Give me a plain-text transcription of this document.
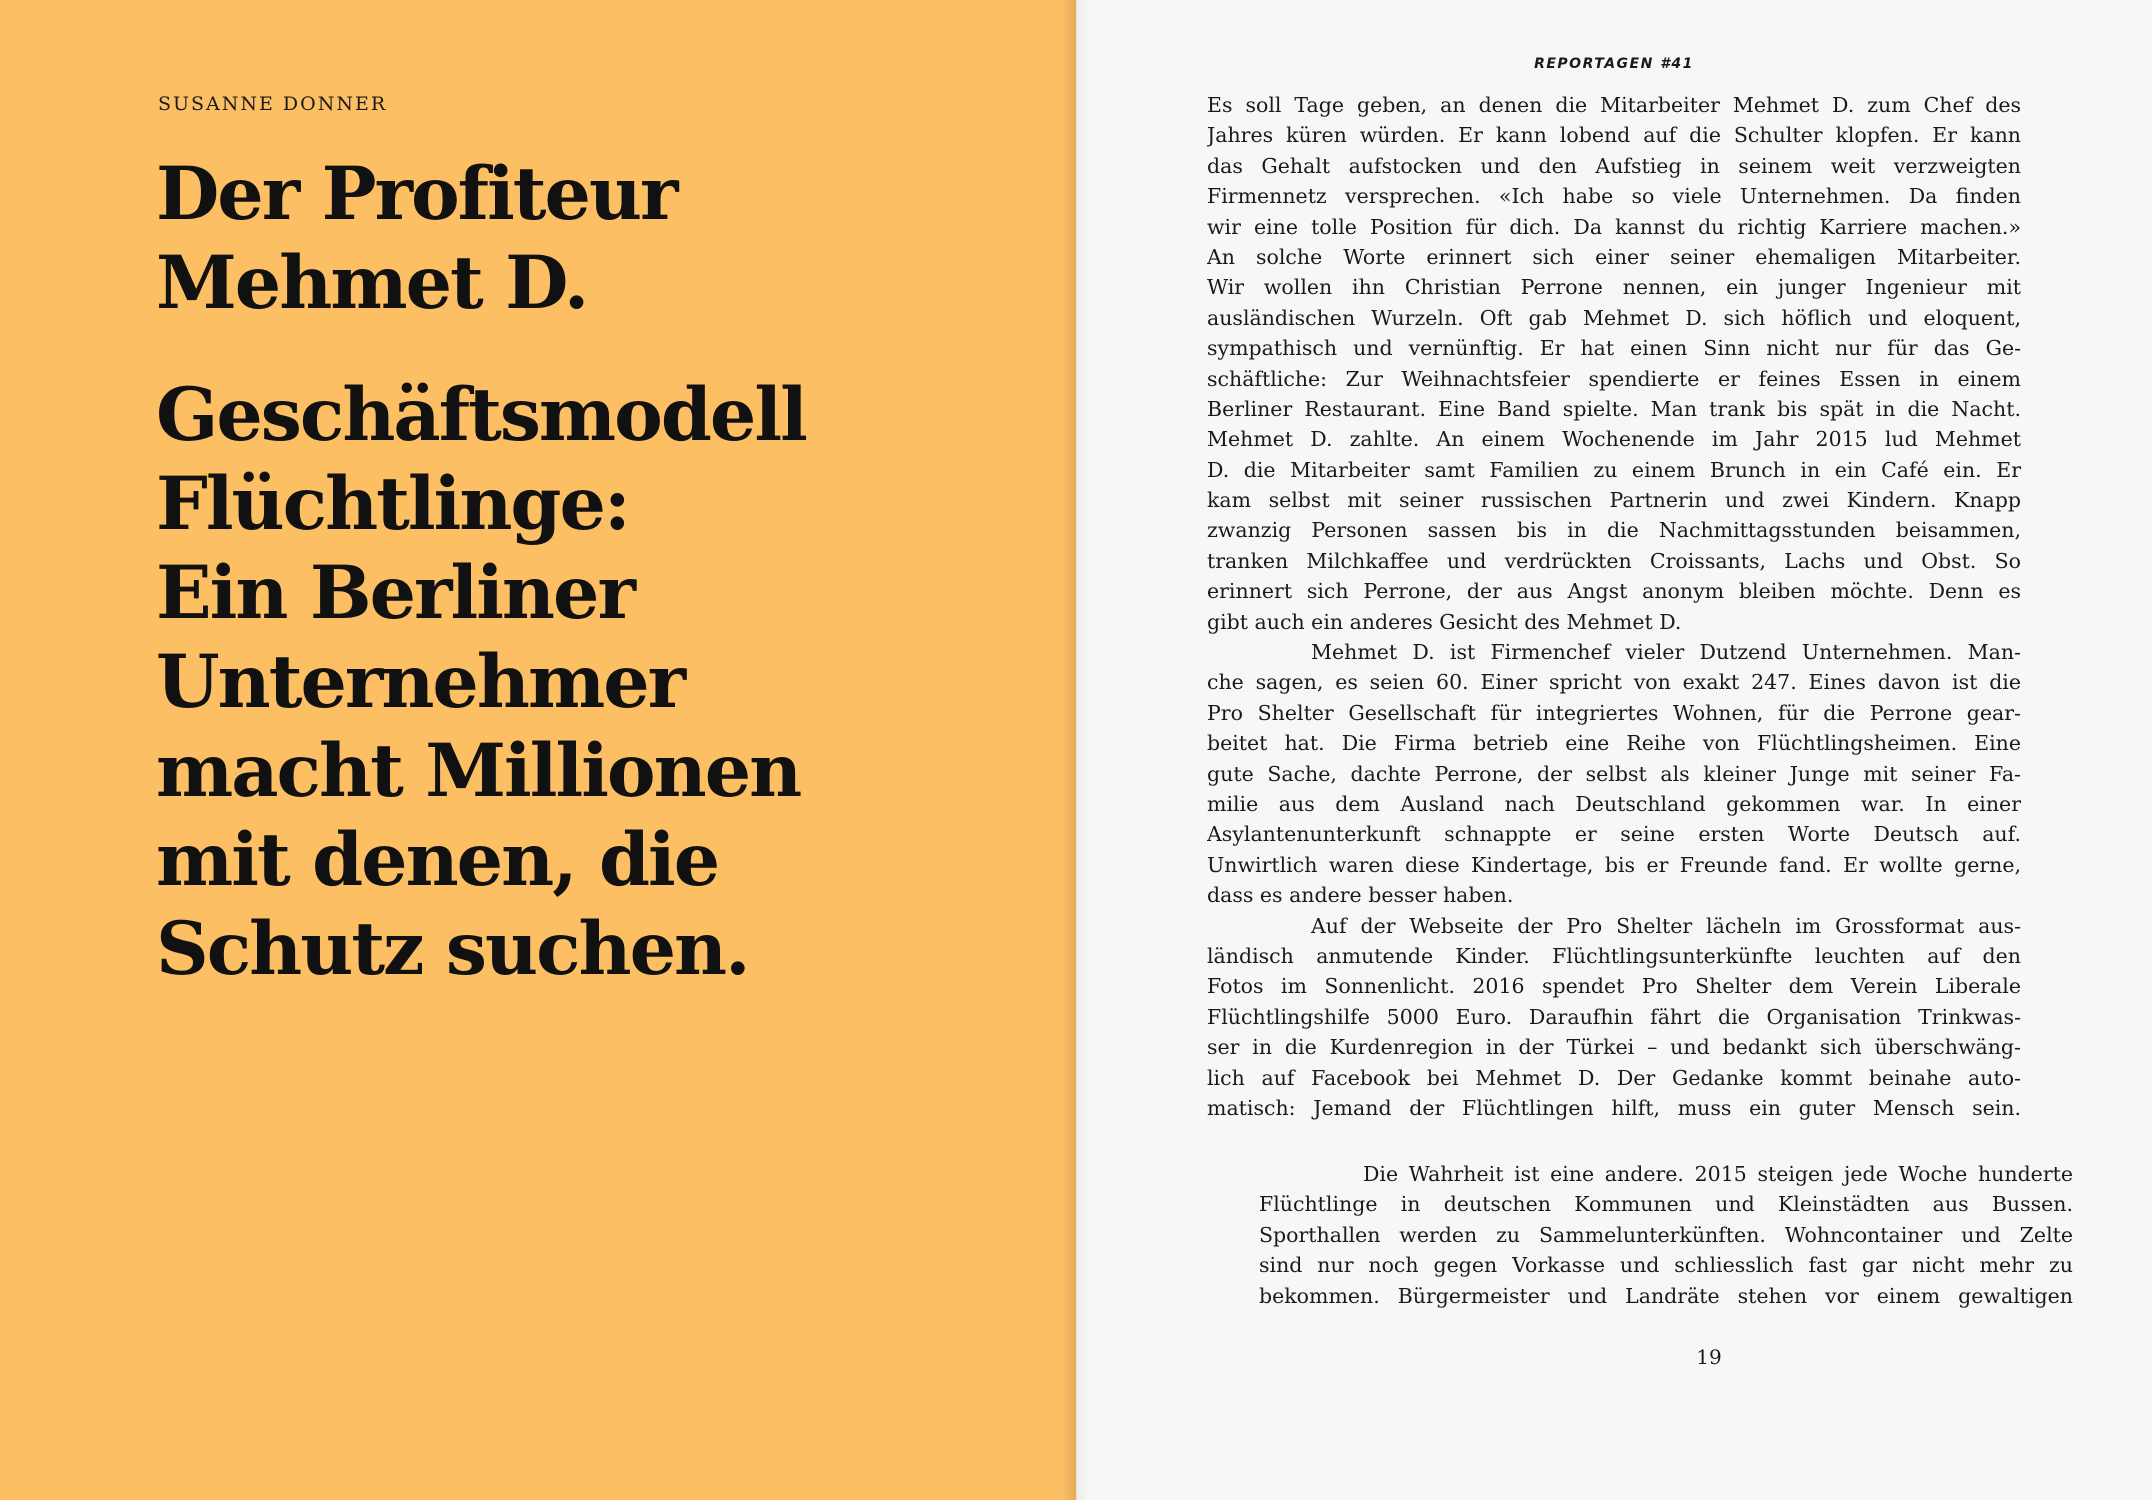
SUSANNE DONNER

Der Profiteur
Mehmet D.
Geschäftsmodell
Flüchtlinge:
Ein Berliner
Unternehmer
macht Millionen
mit denen, die
Schutz suchen.
REPORTAGEN #41
Es soll Tage geben, an denen die Mitarbeiter Mehmet D. zum Chef des
Jahres küren würden. Er kann lobend auf die Schulter klopfen. Er kann
das Gehalt aufstocken und den Aufstieg in seinem weit verzweigten
Firmennetz versprechen. «Ich habe so viele Unternehmen. Da finden
wir eine tolle Position für dich. Da kannst du richtig Karriere machen.»
An solche Worte erinnert sich einer seiner ehemaligen Mitarbeiter.
Wir wollen ihn Christian Perrone nennen, ein junger Ingenieur mit
ausländischen Wurzeln. Oft gab Mehmet D. sich höflich und eloquent,
sympathisch und vernünftig. Er hat einen Sinn nicht nur für das Ge-
schäftliche: Zur Weihnachtsfeier spendierte er feines Essen in einem
Berliner Restaurant. Eine Band spielte. Man trank bis spät in die Nacht.
Mehmet D. zahlte. An einem Wochenende im Jahr 2015 lud Mehmet
D. die Mitarbeiter samt Familien zu einem Brunch in ein Café ein. Er
kam selbst mit seiner russischen Partnerin und zwei Kindern. Knapp
zwanzig Personen sassen bis in die Nachmittagsstunden beisammen,
tranken Milchkaffee und verdrückten Croissants, Lachs und Obst. So
erinnert sich Perrone, der aus Angst anonym bleiben möchte. Denn es
gibt auch ein anderes Gesicht des Mehmet D.
Mehmet D. ist Firmenchef vieler Dutzend Unternehmen. Man-
che sagen, es seien 60. Einer spricht von exakt 247. Eines davon ist die
Pro Shelter Gesellschaft für integriertes Wohnen, für die Perrone gear-
beitet hat. Die Firma betrieb eine Reihe von Flüchtlingsheimen. Eine
gute Sache, dachte Perrone, der selbst als kleiner Junge mit seiner Fa-
milie aus dem Ausland nach Deutschland gekommen war. In einer
Asylantenunterkunft schnappte er seine ersten Worte Deutsch auf.
Unwirtlich waren diese Kindertage, bis er Freunde fand. Er wollte gerne,
dass es andere besser haben.
Auf der Webseite der Pro Shelter lächeln im Grossformat aus-
ländisch anmutende Kinder. Flüchtlingsunterkünfte leuchten auf den
Fotos im Sonnenlicht. 2016 spendet Pro Shelter dem Verein Liberale
Flüchtlingshilfe 5000 Euro. Daraufhin fährt die Organisation Trinkwas-
ser in die Kurdenregion in der Türkei – und bedankt sich überschwäng-
lich auf Facebook bei Mehmet D. Der Gedanke kommt beinahe auto-
matisch: Jemand der Flüchtlingen hilft, muss ein guter Mensch sein.
Die Wahrheit ist eine andere. 2015 steigen jede Woche hunderte
Flüchtlinge in deutschen Kommunen und Kleinstädten aus Bussen.
Sporthallen werden zu Sammelunterkünften. Wohncontainer und Zelte
sind nur noch gegen Vorkasse und schliesslich fast gar nicht mehr zu
bekommen. Bürgermeister und Landräte stehen vor einem gewaltigen
19
